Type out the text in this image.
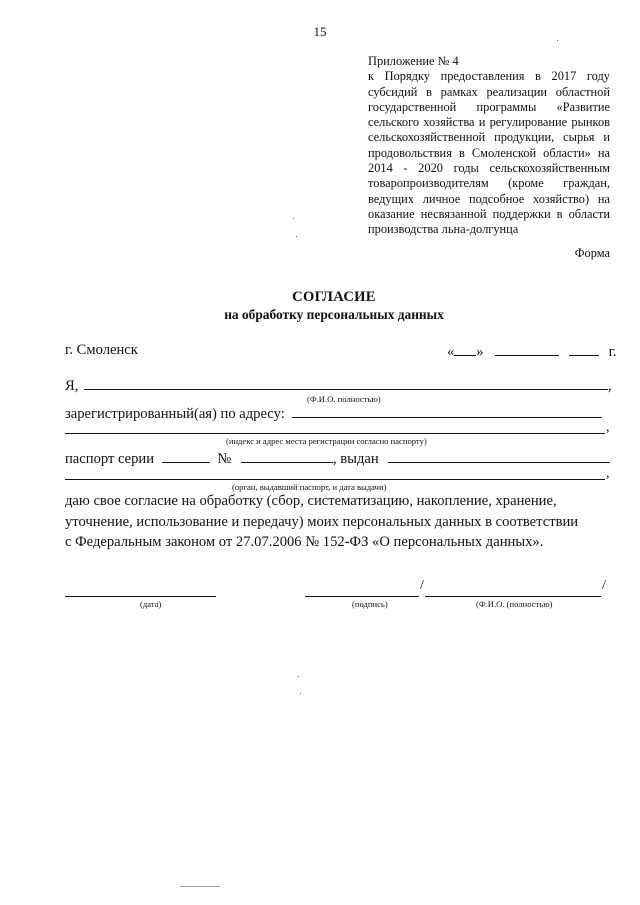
15

Приложение № 4

к Порядку предоставления в 2017 году субсидий в рамках реализации областной государственной программы «Развитие сельского хозяйства и регулирование рынков сельскохозяйственной продукции, сырья и продовольствия в Смоленской области» на 2014 - 2020 годы сельскохозяйственным товаропроизводителям (кроме граждан, ведущих личное подсобное хозяйство) на оказание несвязанной поддержки в области производства льна-долгунца

Форма
СОГЛАСИЕ
на обработку персональных данных
г. Смоленск	« »	г.
Я,	,
(Ф.И.О. полностью)
зарегистрированный(ая) по адресу:
,
(индекс и адрес места регистрации согласно паспорту)
паспорт серии	№	, выдан
,
(орган, выдавший паспорт, и дата выдачи)
даю свое согласие на обработку (сбор, систематизацию, накопление, хранение,
уточнение, использование и передачу) моих персональных данных в соответствии
с Федеральным законом от 27.07.2006 № 152-ФЗ «О персональных данных».
(дата)
/
(подпись)
/
(Ф.И.О. (полностью)
